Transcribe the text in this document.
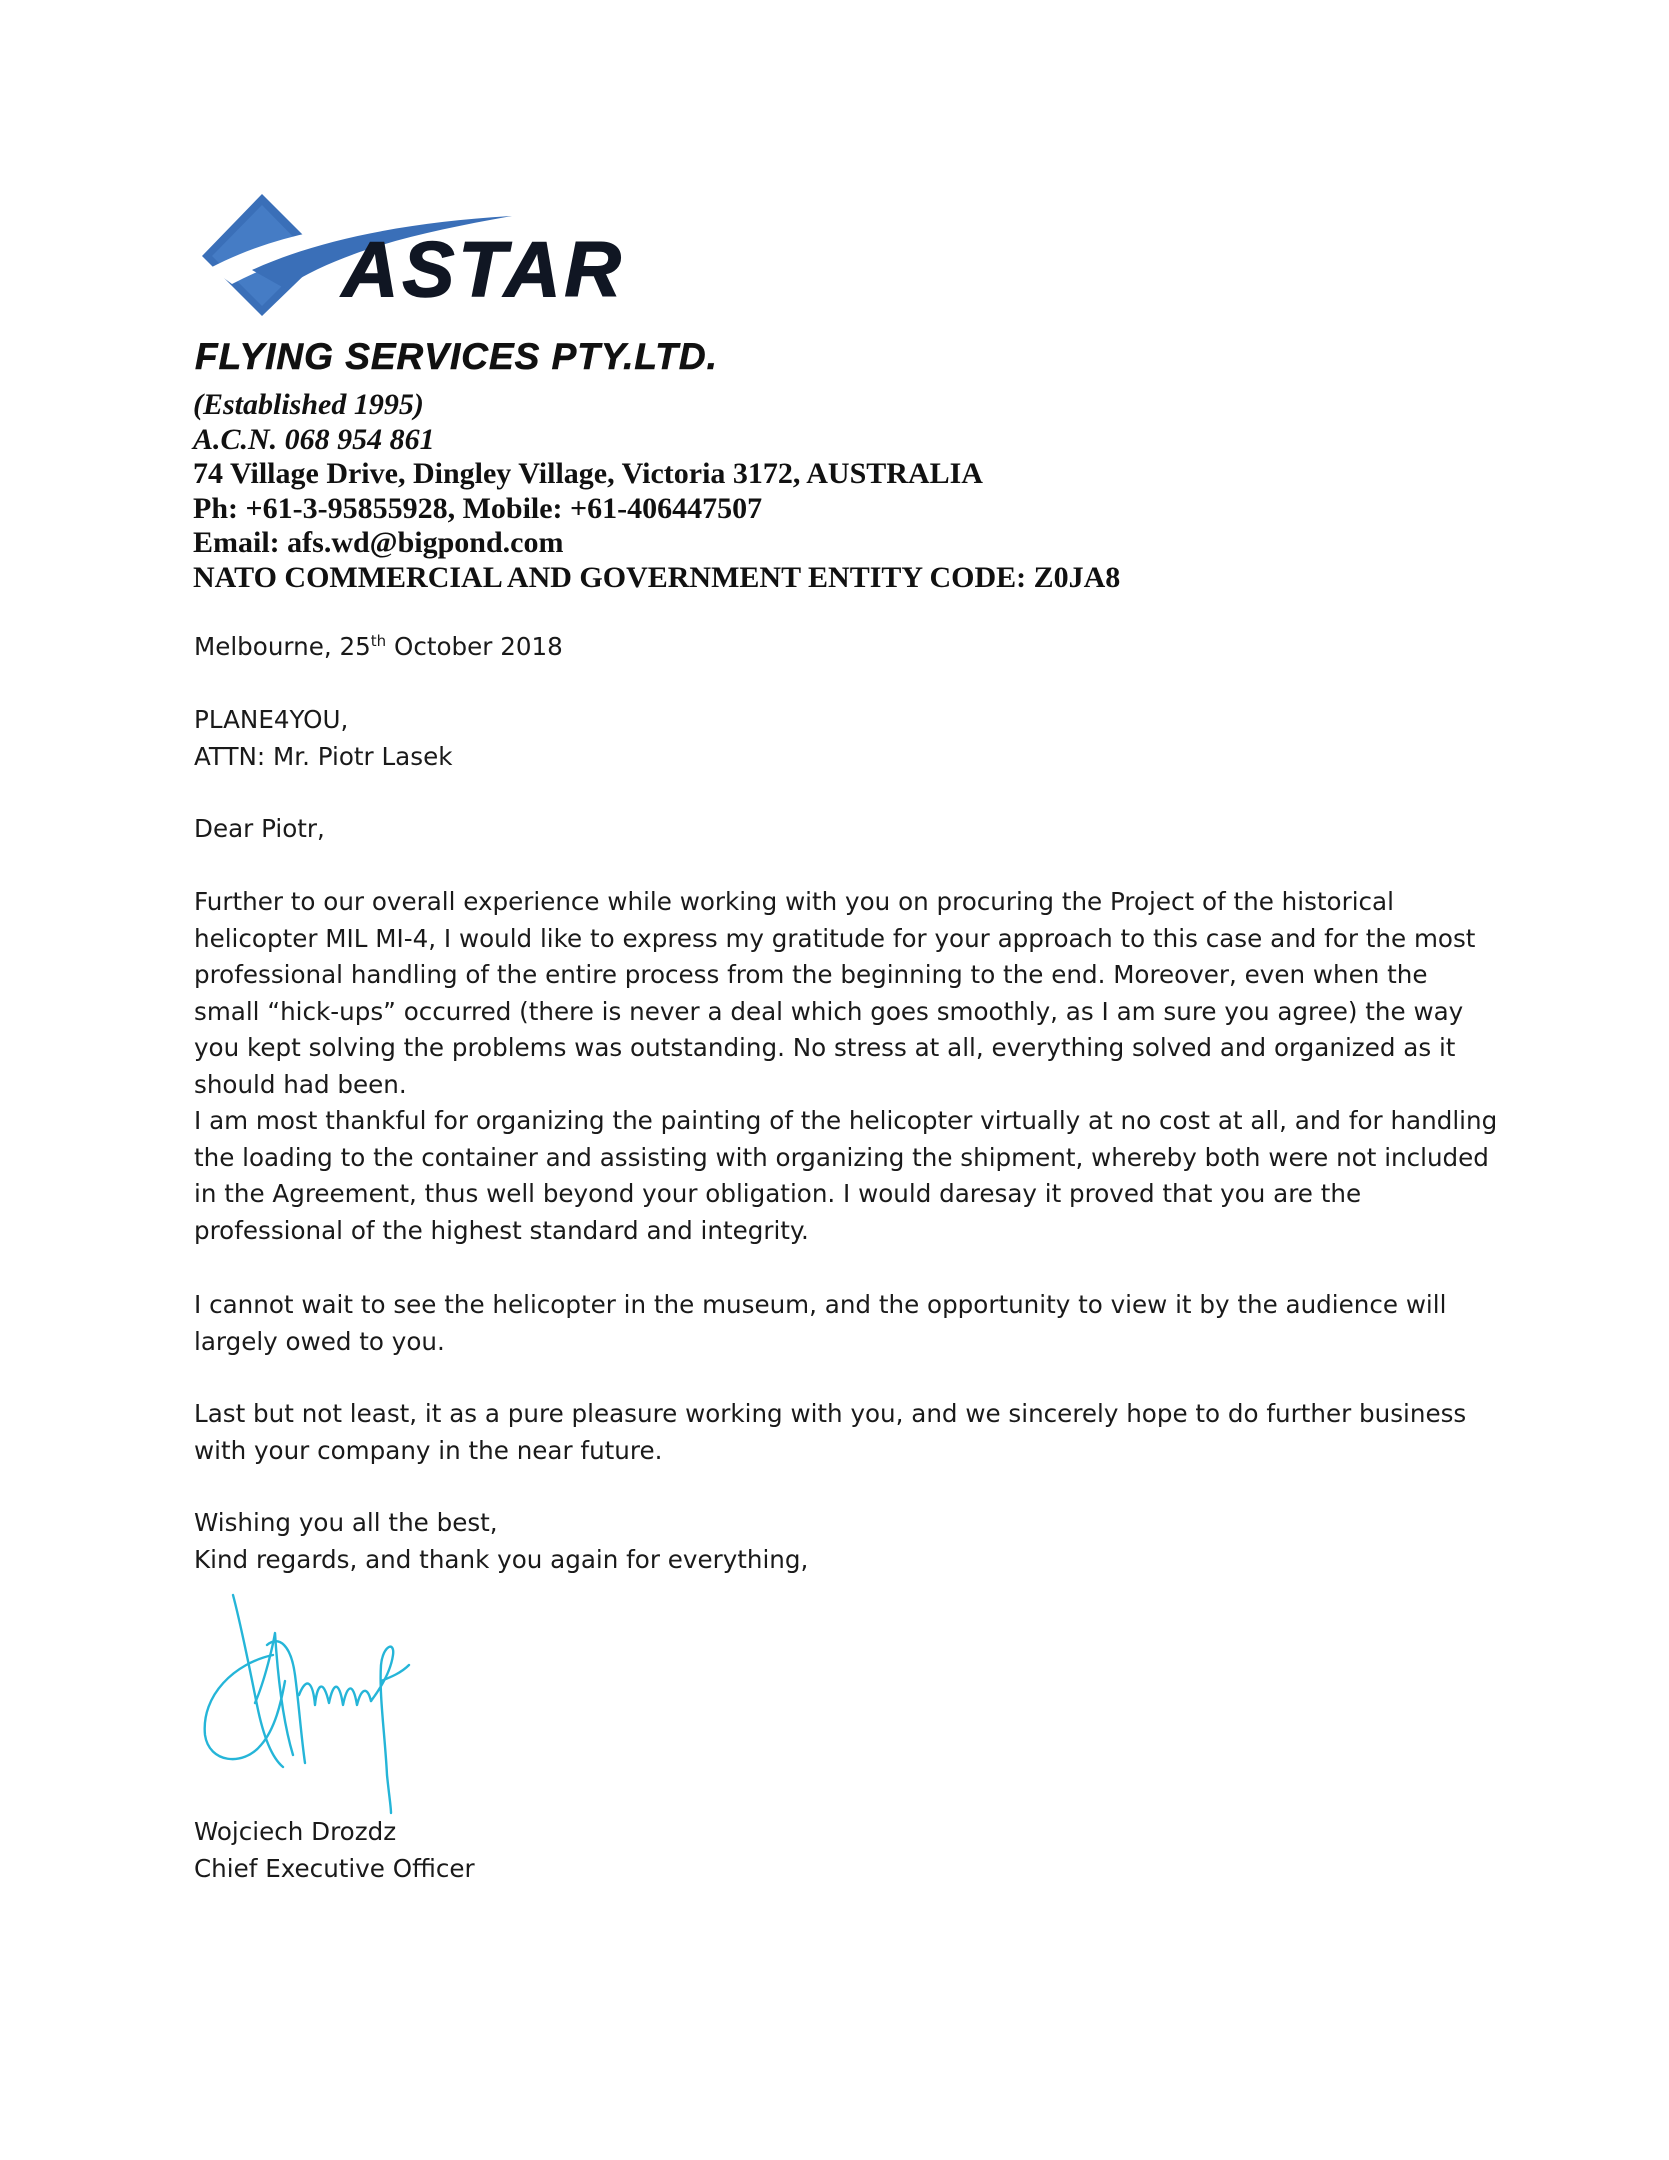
ASTAR
FLYING SERVICES PTY.LTD.
(Established 1995)
A.C.N. 068 954 861
74 Village Drive, Dingley Village, Victoria 3172, AUSTRALIA
Ph: +61-3-95855928, Mobile: +61-406447507
Email: afs.wd@bigpond.com
NATO COMMERCIAL AND GOVERNMENT ENTITY CODE: Z0JA8
Melbourne, 25th October 2018
PLANE4YOU,
ATTN: Mr. Piotr Lasek
Dear Piotr,
Further to our overall experience while working with you on procuring the Project of the historical
helicopter MIL MI-4, I would like to express my gratitude for your approach to this case and for the most
professional handling of the entire process from the beginning to the end. Moreover, even when the
small “hick-ups” occurred (there is never a deal which goes smoothly, as I am sure you agree) the way
you kept solving the problems was outstanding. No stress at all, everything solved and organized as it
should had been.
I am most thankful for organizing the painting of the helicopter virtually at no cost at all, and for handling
the loading to the container and assisting with organizing the shipment, whereby both were not included
in the Agreement, thus well beyond your obligation. I would daresay it proved that you are the
professional of the highest standard and integrity.
I cannot wait to see the helicopter in the museum, and the opportunity to view it by the audience will
largely owed to you.
Last but not least, it as a pure pleasure working with you, and we sincerely hope to do further business
with your company in the near future.
Wishing you all the best,
Kind regards, and thank you again for everything,
Wojciech Drozdz
Chief Executive Officer
